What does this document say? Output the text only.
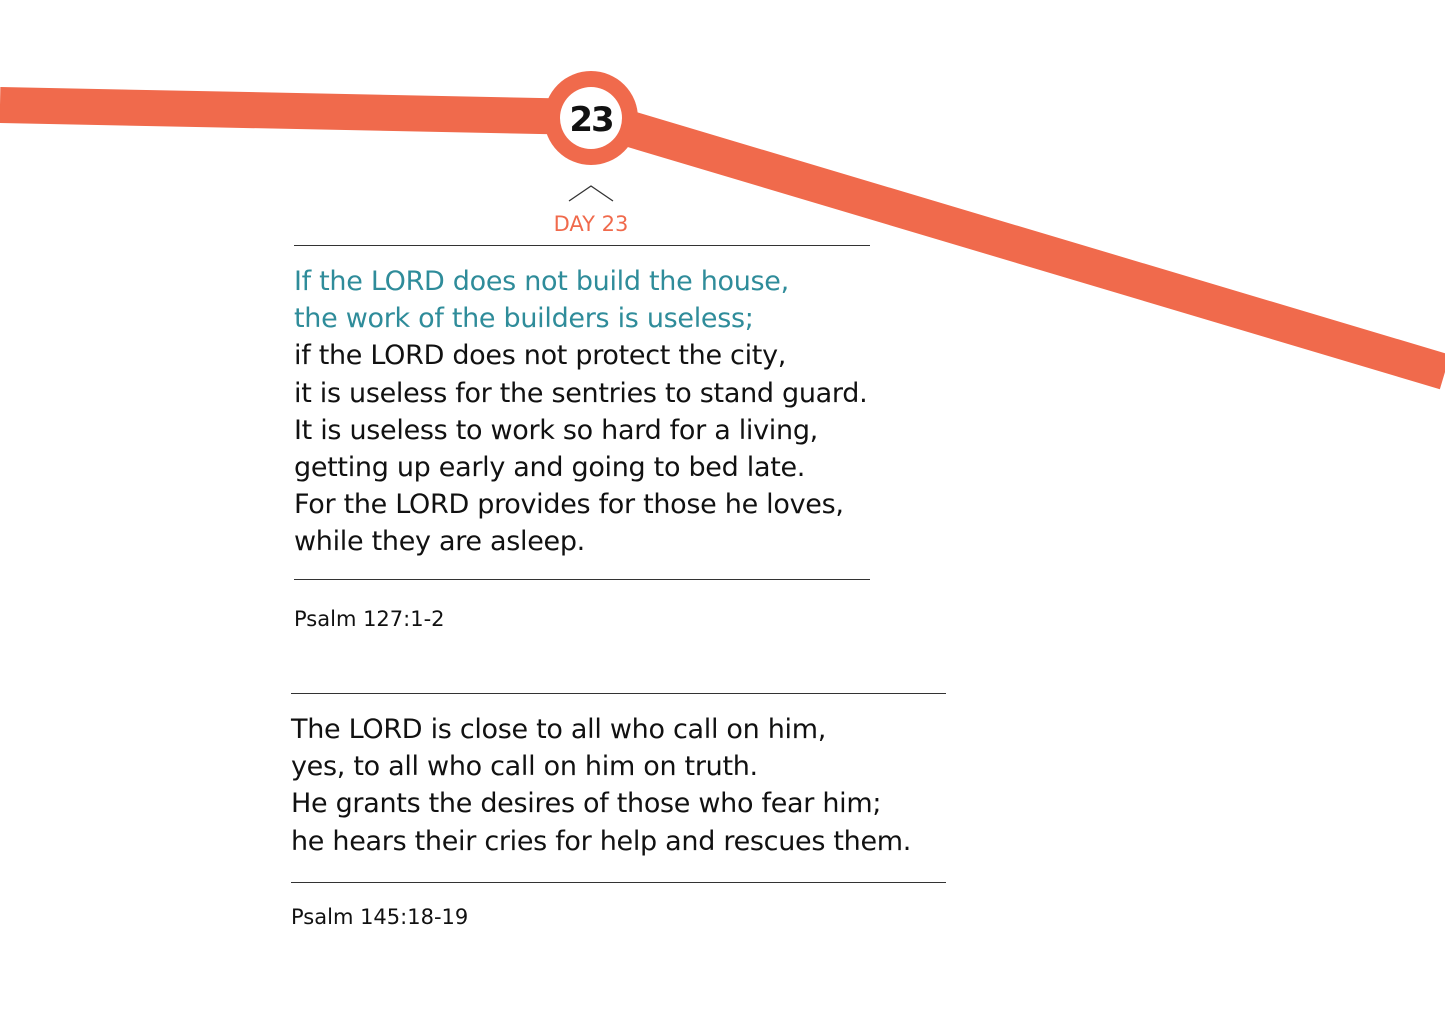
23
DAY 23
If the LORD does not build the house,
the work of the builders is useless;
if the LORD does not protect the city,
it is useless for the sentries to stand guard.
It is useless to work so hard for a living,
getting up early and going to bed late.
For the LORD provides for those he loves,
while they are asleep.
Psalm 127:1-2
The LORD is close to all who call on him,
yes, to all who call on him on truth.
He grants the desires of those who fear him;
he hears their cries for help and rescues them.
Psalm 145:18-19
